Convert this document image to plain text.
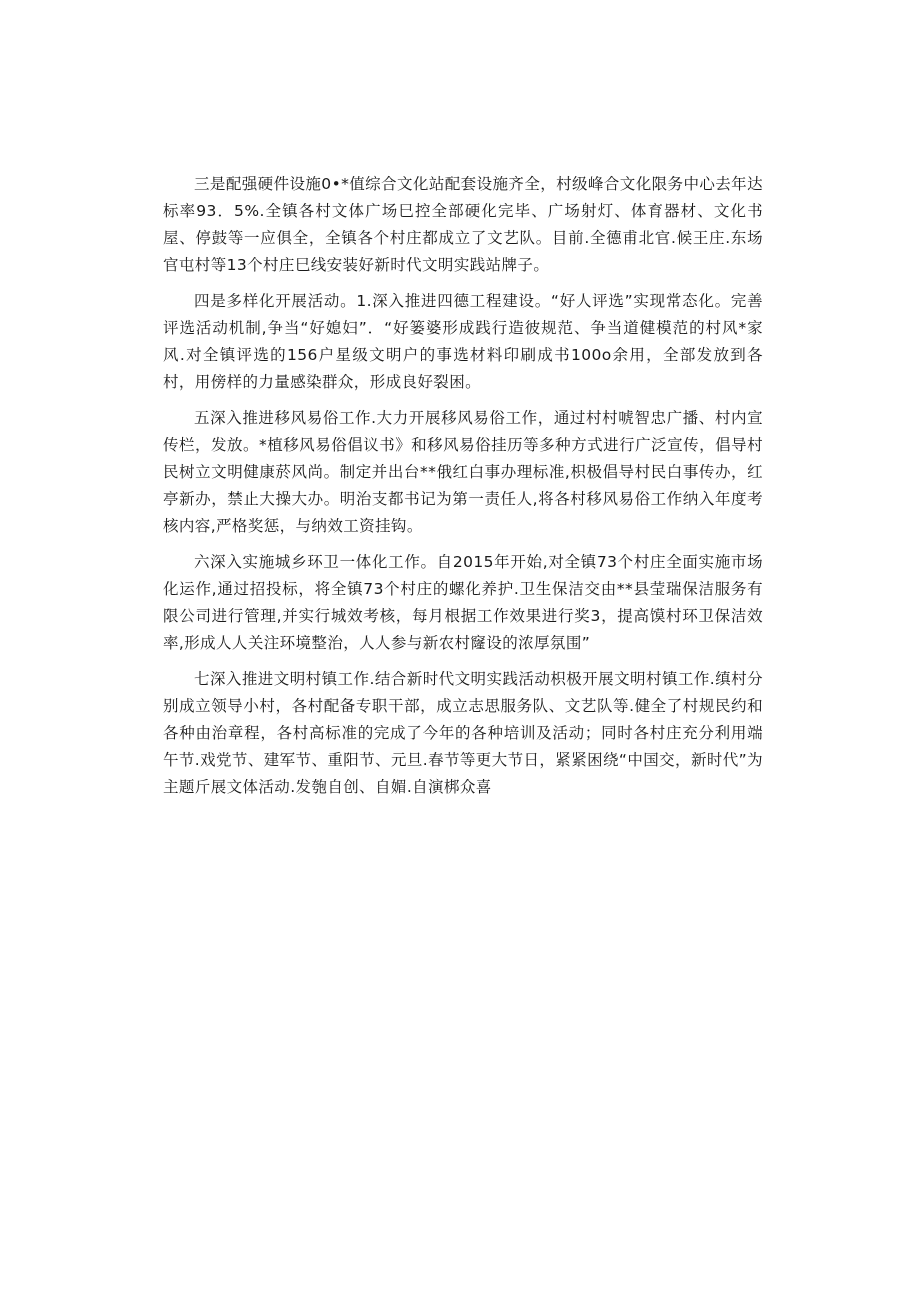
三是配强硬件设施0•*值综合文化站配套设施齐全，村级峰合文化限务中心去年达标率93．5%.全镇各村文体广场巳控全部硬化完毕、广场射灯、体育器材、文化书屋、停鼓等一应俱全，全镇各个村庄都成立了文艺队。目前.全德甫北官.候王庄.东场官屯村等13个村庄巳线安装好新时代文明实践站牌子。

四是多样化开展活动。1.深入推进四德工程建设。“好人评选”实现常态化。完善评选活动机制,争当“好媳妇”．“好篓婆形成践行造彼规范、争当道健模范的村风*家风.对全镇评选的156户星级文明户的事选材料印刷成书100o余用，全部发放到各村，用傍样的力量感染群众，形成良好裂困。

五深入推进移风易俗工作.大力开展移风易俗工作，通过村村唬智忠广播、村内宣传栏，发放。*植移风易俗倡议书》和移风易俗挂历等多种方式进行广泛宣传，倡导村民树立文明健康菸风尚。制定并出台**俄红白事办理标准,枳极倡导村民白事传办，红亭新办，禁止大操大办。明治支都书记为第一责任人,将各村移风易俗工作纳入年度考核内容,严格奖惩，与纳效工资挂钩。

六深入实施城乡环卫一体化工作。自2015年开始,对全镇73个村庄全面实施市场化运作,通过招投标，将全镇73个村庄的螺化养护.卫生保洁交由**县莹瑞保洁服务有限公司进行管理,并实行城效考核，每月根据工作效果进行奖3，提高馍村环卫保洁效率,形成人人关注环境整治，人人参与新农村窿设的浓厚氛围”

七深入推进文明村镇工作.结合新时代文明实践活动枳极开展文明村镇工作.缜村分别成立领导小村，各村配备专职干部，成立志思服务队、文艺队等.健全了村规民约和各种由治章程，各村高标准的完成了今年的各种培训及活动；同时各村庄充分利用端午节.戏党节、建军节、重阳节、元旦.春节等更大节日，紧紧困绕“中国交，新时代”为主题斤展文体活动.发匏自创、自媚.自演梆众喜
